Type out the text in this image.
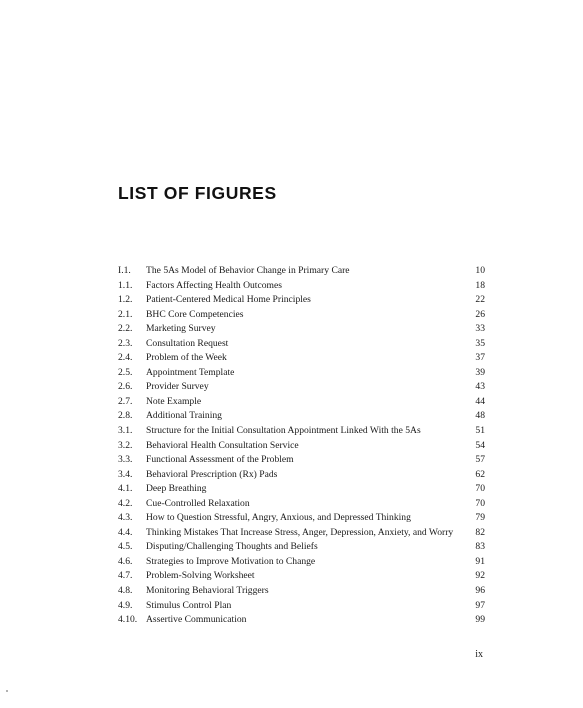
LIST OF FIGURES
I.1. The 5As Model of Behavior Change in Primary Care	10
1.1. Factors Affecting Health Outcomes	18
1.2. Patient-Centered Medical Home Principles	22
2.1. BHC Core Competencies	26
2.2. Marketing Survey	33
2.3. Consultation Request	35
2.4. Problem of the Week	37
2.5. Appointment Template	39
2.6. Provider Survey	43
2.7. Note Example	44
2.8. Additional Training	48
3.1. Structure for the Initial Consultation Appointment Linked With the 5As	51
3.2. Behavioral Health Consultation Service	54
3.3. Functional Assessment of the Problem	57
3.4. Behavioral Prescription (Rx) Pads	62
4.1. Deep Breathing	70
4.2. Cue-Controlled Relaxation	70
4.3. How to Question Stressful, Angry, Anxious, and Depressed Thinking	79
4.4. Thinking Mistakes That Increase Stress, Anger, Depression, Anxiety, and Worry 82
4.5. Disputing/Challenging Thoughts and Beliefs	83
4.6. Strategies to Improve Motivation to Change	91
4.7. Problem-Solving Worksheet	92
4.8. Monitoring Behavioral Triggers	96
4.9. Stimulus Control Plan	97
4.10. Assertive Communication	99
ix
